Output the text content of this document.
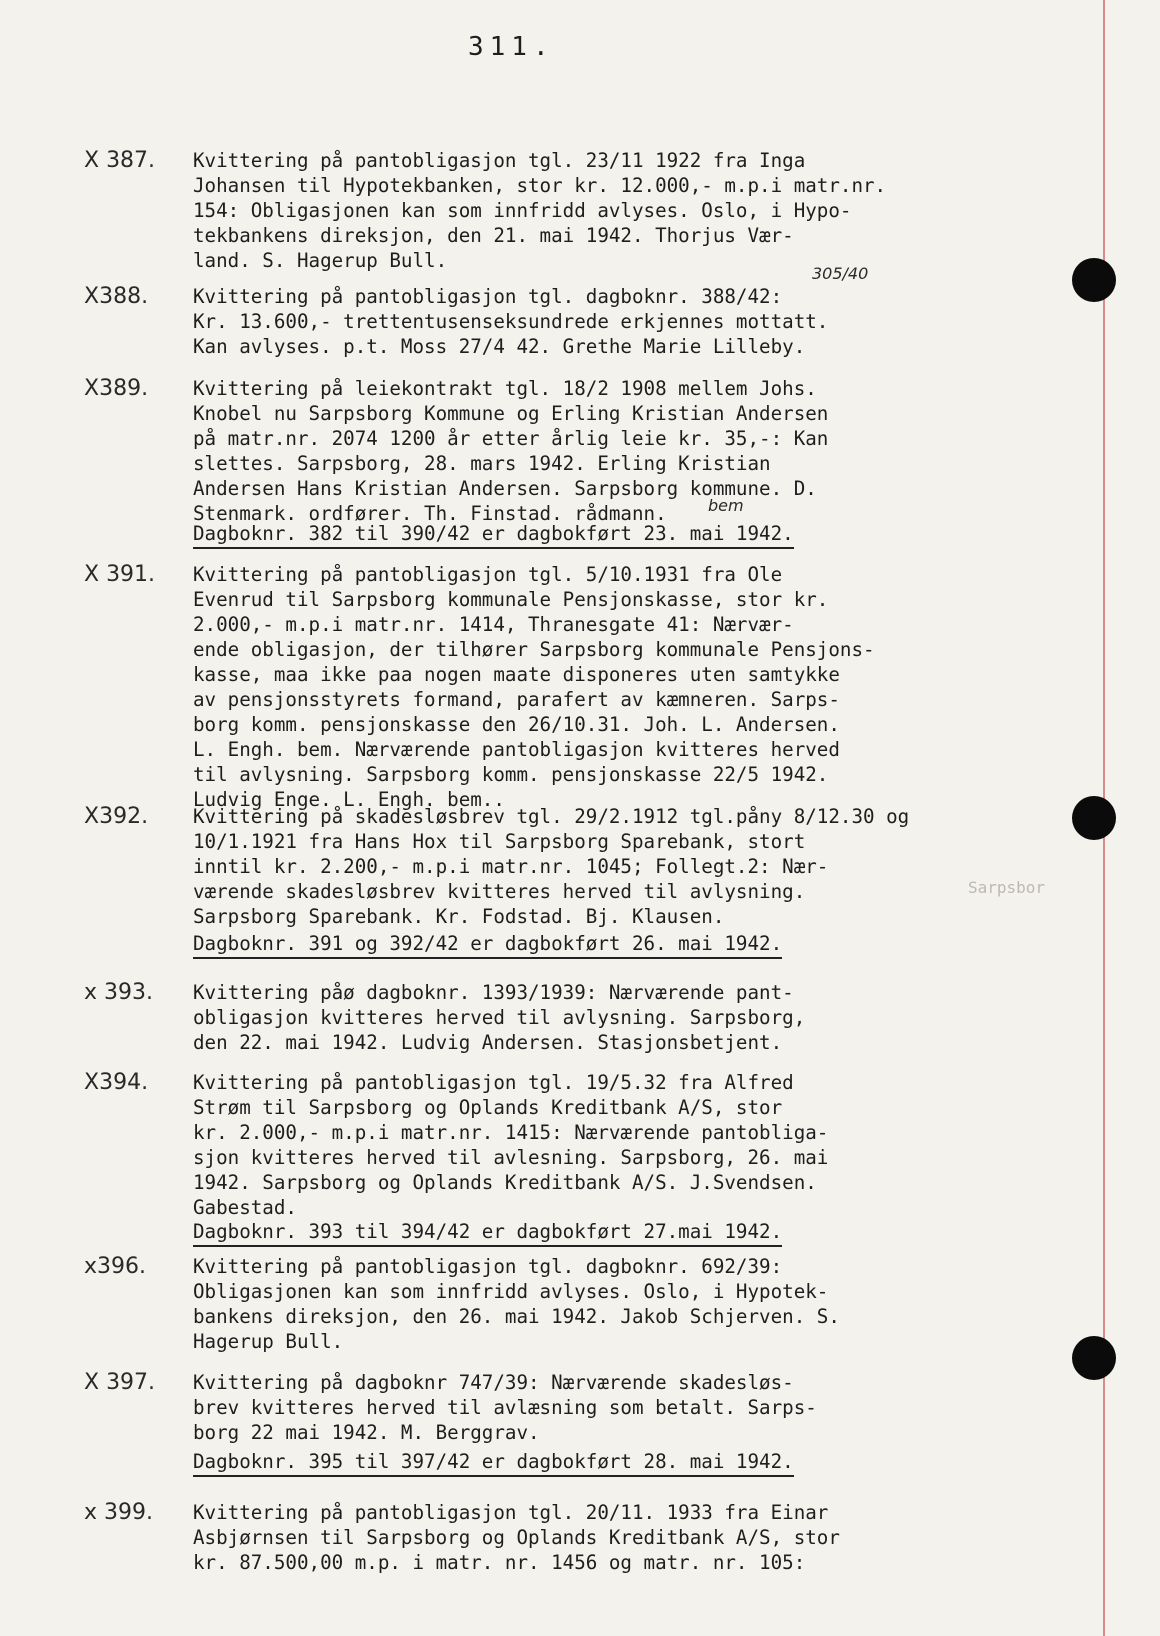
311.
X 387. Kvittering på pantobligasjon tgl. 23/11 1922 fra Inga
Johansen til Hypotekbanken, stor kr. 12.000,- m.p.i matr.nr.
154: Obligasjonen kan som innfridd avlyses. Oslo, i Hypo-
tekbankens direksjon, den 21. mai 1942. Thorjus Vær-
land. S. Hagerup Bull.
305/40
X388. Kvittering på pantobligasjon tgl. dagboknr. 388/42:
Kr. 13.600,- trettentusenseksundrede erkjennes mottatt.
Kan avlyses. p.t. Moss 27/4 42. Grethe Marie Lilleby.
X389. Kvittering på leiekontrakt tgl. 18/2 1908 mellem Johs.
Knobel nu Sarpsborg Kommune og Erling Kristian Andersen
på matr.nr. 2074 1200 år etter årlig leie kr. 35,-: Kan
slettes. Sarpsborg, 28. mars 1942. Erling Kristian
Andersen Hans Kristian Andersen. Sarpsborg kommune. D.
Stenmark. ordfører. Th. Finstad. rådmann.	bem
Dagboknr. 382 til 390/42 er dagbokført 23. mai 1942.
X 391. Kvittering på pantobligasjon tgl. 5/10.1931 fra Ole
Evenrud til Sarpsborg kommunale Pensjonskasse, stor kr.
2.000,- m.p.i matr.nr. 1414, Thranesgate 41: Nærvær-
ende obligasjon, der tilhører Sarpsborg kommunale Pensjons-
kasse, maa ikke paa nogen maate disponeres uten samtykke
av pensjonsstyrets formand, parafert av kæmneren. Sarps-
borg komm. pensjonskasse den 26/10.31. Joh. L. Andersen.
L. Engh. bem. Nærværende pantobligasjon kvitteres herved
til avlysning. Sarpsborg komm. pensjonskasse 22/5 1942.
Ludvig Enge. L. Engh. bem..
X392. Kvittering på skadesløsbrev tgl. 29/2.1912 tgl.påny 8/12.30 og
10/1.1921 fra Hans Hox til Sarpsborg Sparebank, stort
inntil kr. 2.200,- m.p.i matr.nr. 1045; Follegt.2: Nær-
værende skadesløsbrev kvitteres herved til avlysning.
Sarpsborg Sparebank. Kr. Fodstad. Bj. Klausen.
Sarpsbor
Dagboknr. 391 og 392/42 er dagbokført 26. mai 1942.
x 393. Kvittering påø dagboknr. 1393/1939: Nærværende pant-
obligasjon kvitteres herved til avlysning. Sarpsborg,
den 22. mai 1942. Ludvig Andersen. Stasjonsbetjent.
X394. Kvittering på pantobligasjon tgl. 19/5.32 fra Alfred
Strøm til Sarpsborg og Oplands Kreditbank A/S, stor
kr. 2.000,- m.p.i matr.nr. 1415: Nærværende pantobliga-
sjon kvitteres herved til avlesning. Sarpsborg, 26. mai
1942. Sarpsborg og Oplands Kreditbank A/S. J.Svendsen.
Gabestad.
Dagboknr. 393 til 394/42 er dagbokført 27.mai 1942.
x396. Kvittering på pantobligasjon tgl. dagboknr. 692/39:
Obligasjonen kan som innfridd avlyses. Oslo, i Hypotek-
bankens direksjon, den 26. mai 1942. Jakob Schjerven. S.
Hagerup Bull.
X 397. Kvittering på dagboknr 747/39: Nærværende skadesløs-
brev kvitteres herved til avlæsning som betalt. Sarps-
borg 22 mai 1942. M. Berggrav.
Dagboknr. 395 til 397/42 er dagbokført 28. mai 1942.
x 399. Kvittering på pantobligasjon tgl. 20/11. 1933 fra Einar
Asbjørnsen til Sarpsborg og Oplands Kreditbank A/S, stor
kr. 87.500,00 m.p. i matr. nr. 1456 og matr. nr. 105:
